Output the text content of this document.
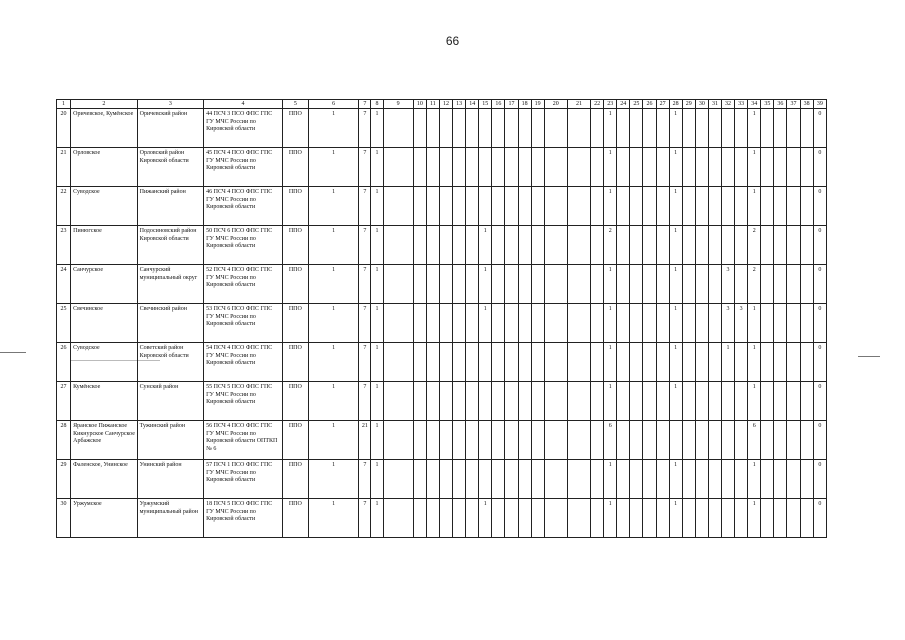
66
1	2	3	4	5	6	7	8	9	10	11	12	13	14	15	16	17	18	19	20	21	22	23	24	25	26	27	28	29	30	31	32	33	34	35	36	37	38	39
20	Оричевское, Кумёнское	Оричевский район	44 ПСЧ 3 ПСО ФПС ГПС ГУ МЧС России по Кировской области	ППО	1	7	1															1					1						1					0
21	Орловское	Орловский район Кировской области	45 ПСЧ 4 ПСО ФПС ГПС ГУ МЧС России по Кировской области	ППО	1	7	1															1					1						1					0
22	Суводское	Пижанский район	46 ПСЧ 4 ПСО ФПС ГПС ГУ МЧС России по Кировской области	ППО	1	7	1															1					1						1					0
23	Пинюгское	Подосиновский район Кировской области	50 ПСЧ 6 ПСО ФПС ГПС ГУ МЧС России по Кировской области	ППО	1	7	1							1								2					1						2					0
24	Санчурское	Санчурский муниципальный округ	52 ПСЧ 4 ПСО ФПС ГПС ГУ МЧС России по Кировской области	ППО	1	7	1							1								1					1				3		2					0
25	Свечинское	Свечинский район	53 ПСЧ 6 ПСО ФПС ГПС ГУ МЧС России по Кировской области	ППО	1	7	1							1								1					1				3	3	1					0
26	Суводское	Советский район Кировской области	54 ПСЧ 4 ПСО ФПС ГПС ГУ МЧС России по Кировской области	ППО	1	7	1															1					1				1		1					0
27	Кумёнское	Сунский район	55 ПСЧ 5 ПСО ФПС ГПС ГУ МЧС России по Кировской области	ППО	1	7	1															1					1						1					0
28	Яранское Пижанское Кикнурское Санчурское Арбажское	Тужинский район	56 ПСЧ 4 ПСО ФПС ГПС ГУ МЧС России по Кировской области ОПТКП № 6	ППО	1	21	1															6											6					0
29	Фаленское, Унинское	Унинский район	57 ПСЧ 1 ПСО ФПС ГПС ГУ МЧС России по Кировской области	ППО	1	7	1															1					1						1					0
30	Уржумское	Уржумский муниципальный район	18 ПСЧ 5 ПСО ФПС ГПС ГУ МЧС России по Кировской области	ППО	1	7	1							1								1					1						1					0
